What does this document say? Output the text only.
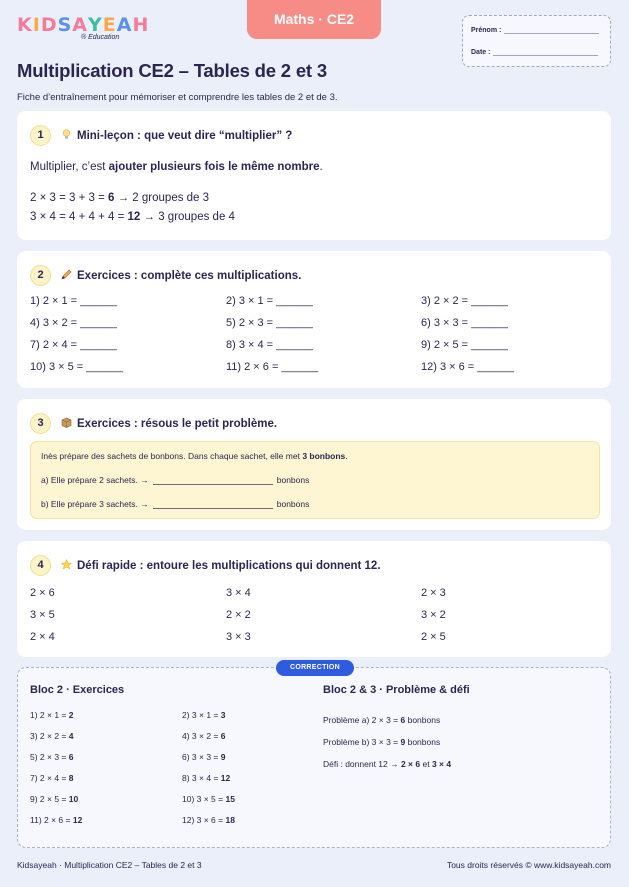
KIDSAYEAH
® Education
Maths · CE2
Prénom :
Date :
Multiplication CE2 – Tables de 2 et 3
Fiche d’entraînement pour mémoriser et comprendre les tables de 2 et de 3.
1	Mini-leçon : que veut dire “multiplier” ?
Multiplier, c’est ajouter plusieurs fois le même nombre.
2 × 3 = 3 + 3 = 6 → 2 groupes de 3
3 × 4 = 4 + 4 + 4 = 12 → 3 groupes de 4
2	Exercices : complète ces multiplications.
1) 2 × 1 = ______	2) 3 × 1 = ______	3) 2 × 2 = ______
4) 3 × 2 = ______	5) 2 × 3 = ______	6) 3 × 3 = ______
7) 2 × 4 = ______	8) 3 × 4 = ______	9) 2 × 5 = ______
10) 3 × 5 = ______	11) 2 × 6 = ______	12) 3 × 6 = ______
3	Exercices : résous le petit problème.
Inès prépare des sachets de bonbons. Dans chaque sachet, elle met 3 bonbons.
a) Elle prépare 2 sachets. →	bonbons
b) Elle prépare 3 sachets. →	bonbons
4	Défi rapide : entoure les multiplications qui donnent 12.
2 × 6	3 × 4	2 × 3
3 × 5	2 × 2	3 × 2
2 × 4	3 × 3	2 × 5
CORRECTION
Bloc 2 · Exercices
1) 2 × 1 = 2	2) 3 × 1 = 3
3) 2 × 2 = 4	4) 3 × 2 = 6
5) 2 × 3 = 6	6) 3 × 3 = 9
7) 2 × 4 = 8	8) 3 × 4 = 12
9) 2 × 5 = 10	10) 3 × 5 = 15
11) 2 × 6 = 12	12) 3 × 6 = 18
Bloc 2 & 3 · Problème & défi
Problème a) 2 × 3 = 6 bonbons
Problème b) 3 × 3 = 9 bonbons
Défi : donnent 12 → 2 × 6 et 3 × 4
Kidsayeah · Multiplication CE2 – Tables de 2 et 3	Tous droits réservés © www.kidsayeah.com
